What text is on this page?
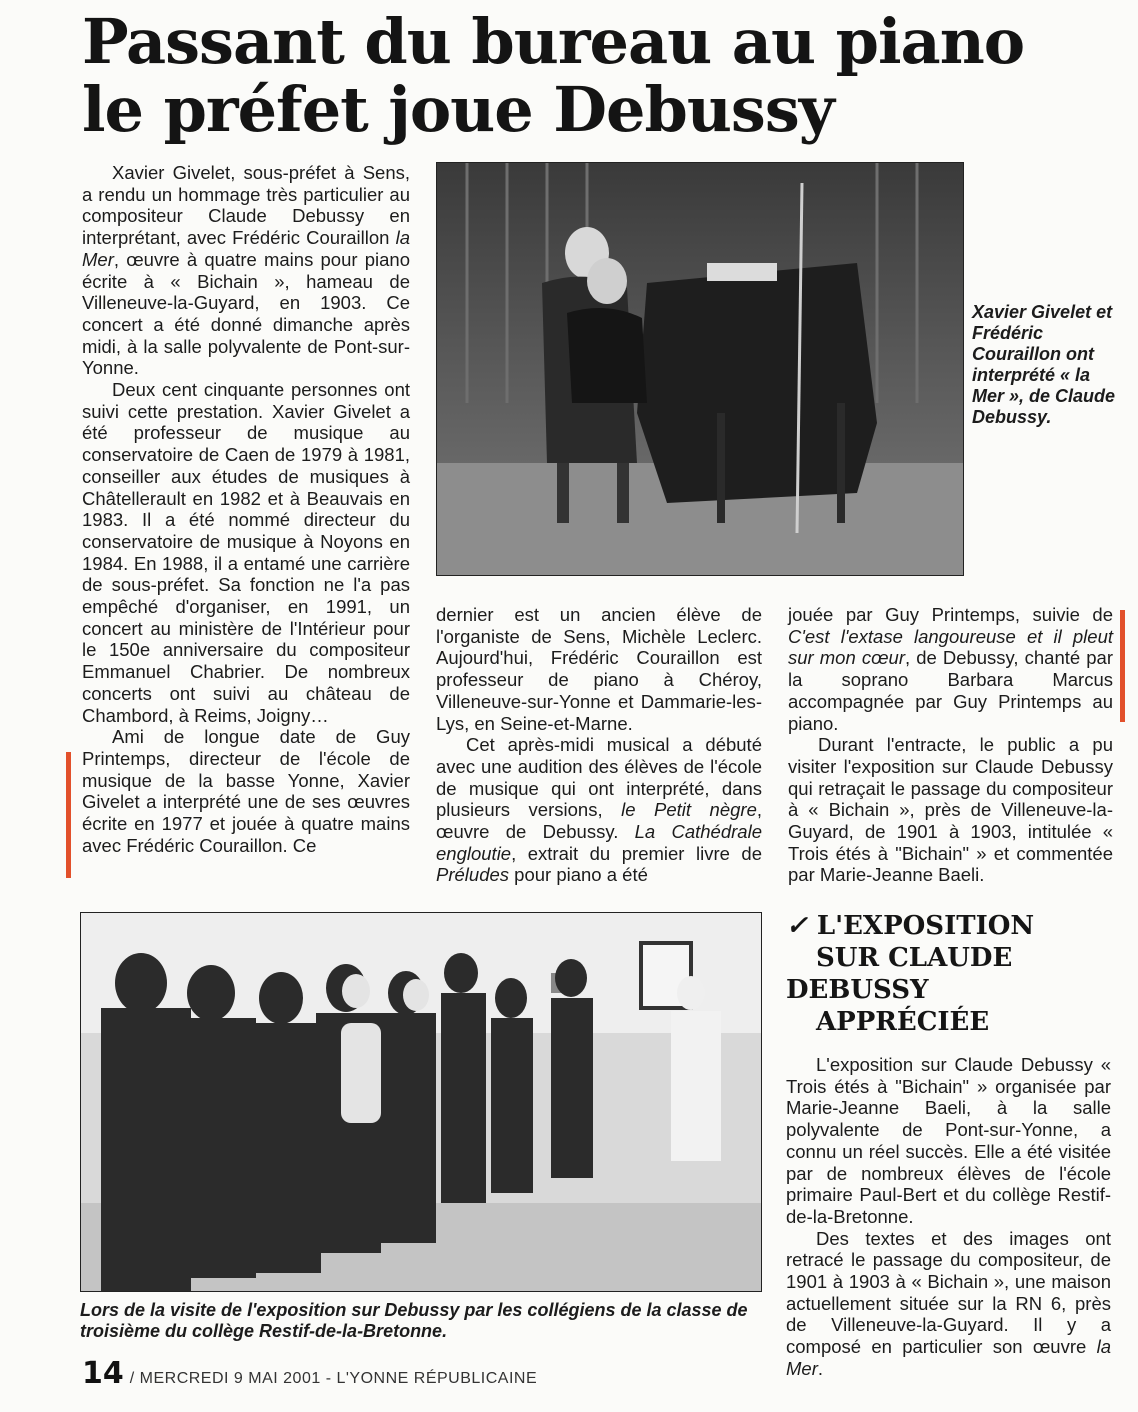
Passant du bureau au piano
le préfet joue Debussy

Xavier Givelet, sous-préfet à Sens, a rendu un hommage très particulier au compositeur Claude Debussy en interprétant, avec Frédéric Couraillon la Mer, œuvre à quatre mains pour piano écrite à « Bichain », hameau de Villeneuve-la-Guyard, en 1903. Ce concert a été donné dimanche après midi, à la salle polyvalente de Pont-sur-Yonne.

Deux cent cinquante personnes ont suivi cette prestation. Xavier Givelet a été professeur de musique au conservatoire de Caen de 1979 à 1981, conseiller aux études de musiques à Châtellerault en 1982 et à Beauvais en 1983. Il a été nommé directeur du conservatoire de musique à Noyons en 1984. En 1988, il a entamé une carrière de sous-préfet. Sa fonction ne l'a pas empêché d'organiser, en 1991, un concert au ministère de l'Intérieur pour le 150e anniversaire du compositeur Emmanuel Chabrier. De nombreux concerts ont suivi au château de Chambord, à Reims, Joigny…

Ami de longue date de Guy Printemps, directeur de l'école de musique de la basse Yonne, Xavier Givelet a interprété une de ses œuvres écrite en 1977 et jouée à quatre mains avec Frédéric Couraillon. Ce

Xavier Givelet et Frédéric Couraillon ont interprété « la Mer », de Claude Debussy.

dernier est un ancien élève de l'organiste de Sens, Michèle Leclerc. Aujourd'hui, Frédéric Couraillon est professeur de piano à Chéroy, Villeneuve-sur-Yonne et Dammarie-les-Lys, en Seine-et-Marne.

Cet après-midi musical a débuté avec une audition des élèves de l'école de musique qui ont interprété, dans plusieurs versions, le Petit nègre, œuvre de Debussy. La Cathédrale engloutie, extrait du premier livre de Préludes pour piano a été

jouée par Guy Printemps, suivie de C'est l'extase langoureuse et il pleut sur mon cœur, de Debussy, chanté par la soprano Barbara Marcus accompagnée par Guy Printemps au piano.

Durant l'entracte, le public a pu visiter l'exposition sur Claude Debussy qui retraçait le passage du compositeur à « Bichain », près de Villeneuve-la-Guyard, de 1901 à 1903, intitulée « Trois étés à "Bichain" » et commentée par Marie-Jeanne Baeli.

Lors de la visite de l'exposition sur Debussy par les collégiens de la classe de troisième du collège Restif-de-la-Bretonne.
✓ L'EXPOSITION
SUR CLAUDE DEBUSSY
APPRÉCIÉE

L'exposition sur Claude Debussy « Trois étés à "Bichain" » organisée par Marie-Jeanne Baeli, à la salle polyvalente de Pont-sur-Yonne, a connu un réel succès. Elle a été visitée par de nombreux élèves de l'école primaire Paul-Bert et du collège Restif-de-la-Bretonne.

Des textes et des images ont retracé le passage du compositeur, de 1901 à 1903 à « Bichain », une maison actuellement située sur la RN 6, près de Villeneuve-la-Guyard. Il y a composé en particulier son œuvre la Mer.

14 / MERCREDI 9 MAI 2001 - L'YONNE RÉPUBLICAINE
